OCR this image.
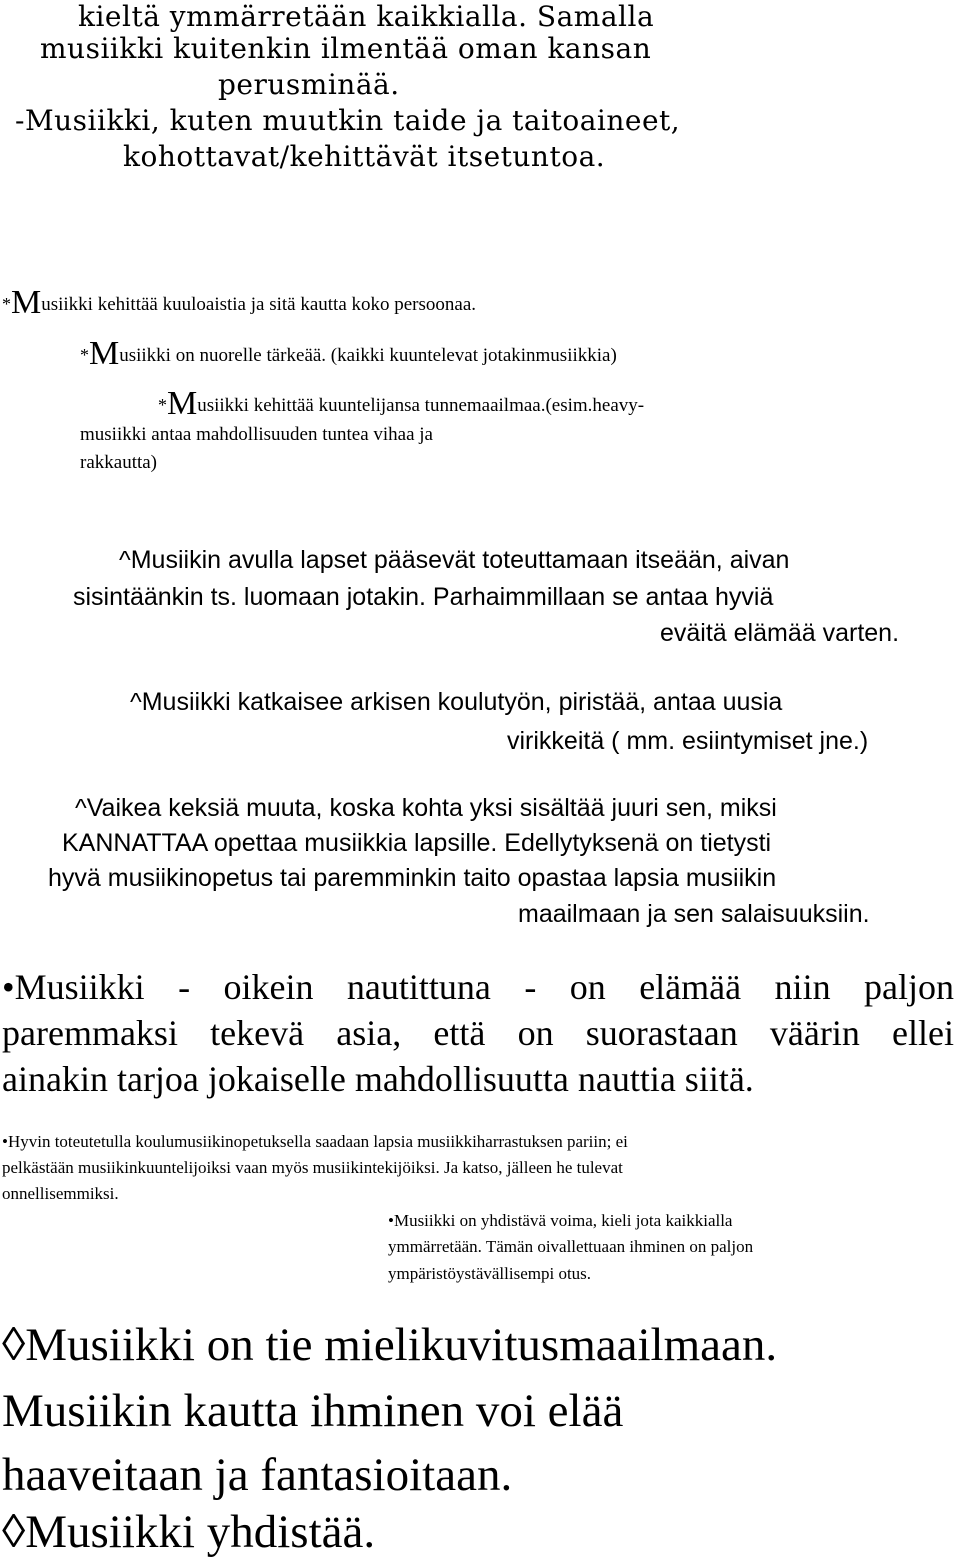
kieltä ymmärretään kaikkialla. Samalla
musiikki kuitenkin ilmentää oman kansan
perusminää.
-Musiikki, kuten muutkin taide ja taitoaineet,
kohottavat/kehittävät itsetuntoa.
*Musiikki kehittää kuuloaistia ja sitä kautta koko persoonaa.
*Musiikki on nuorelle tärkeää. (kaikki kuuntelevat jotakinmusiikkia)
*Musiikki kehittää kuuntelijansa tunnemaailmaa.(esim.heavy-
musiikki antaa mahdollisuuden tuntea vihaa ja
rakkautta)
^Musiikin avulla lapset pääsevät toteuttamaan itseään, aivan
sisintäänkin ts. luomaan jotakin. Parhaimmillaan se antaa hyviä
eväitä elämää varten.
^Musiikki katkaisee arkisen koulutyön, piristää, antaa uusia
virikkeitä ( mm. esiintymiset jne.)
^Vaikea keksiä muuta, koska kohta yksi sisältää juuri sen, miksi
KANNATTAA opettaa musiikkia lapsille. Edellytyksenä on tietysti
hyvä musiikinopetus tai paremminkin taito opastaa lapsia musiikin
maailmaan ja sen salaisuuksiin.
•Musiikki - oikein nautittuna - on elämää niin paljon
paremmaksi tekevä asia, että on suorastaan väärin ellei
ainakin tarjoa jokaiselle mahdollisuutta nauttia siitä.
•Hyvin toteutetulla koulumusiikinopetuksella saadaan lapsia musiikkiharrastuksen pariin; ei
pelkästään musiikinkuuntelijoiksi vaan myös musiikintekijöiksi. Ja katso, jälleen he tulevat
onnellisemmiksi.
•Musiikki on yhdistävä voima, kieli jota kaikkialla
ymmärretään. Tämän oivallettuaan ihminen on paljon
ympäristöystävällisempi otus.
◊Musiikki on tie mielikuvitusmaailmaan.
Musiikin kautta ihminen voi elää
haaveitaan ja fantasioitaan.
◊Musiikki yhdistää.
